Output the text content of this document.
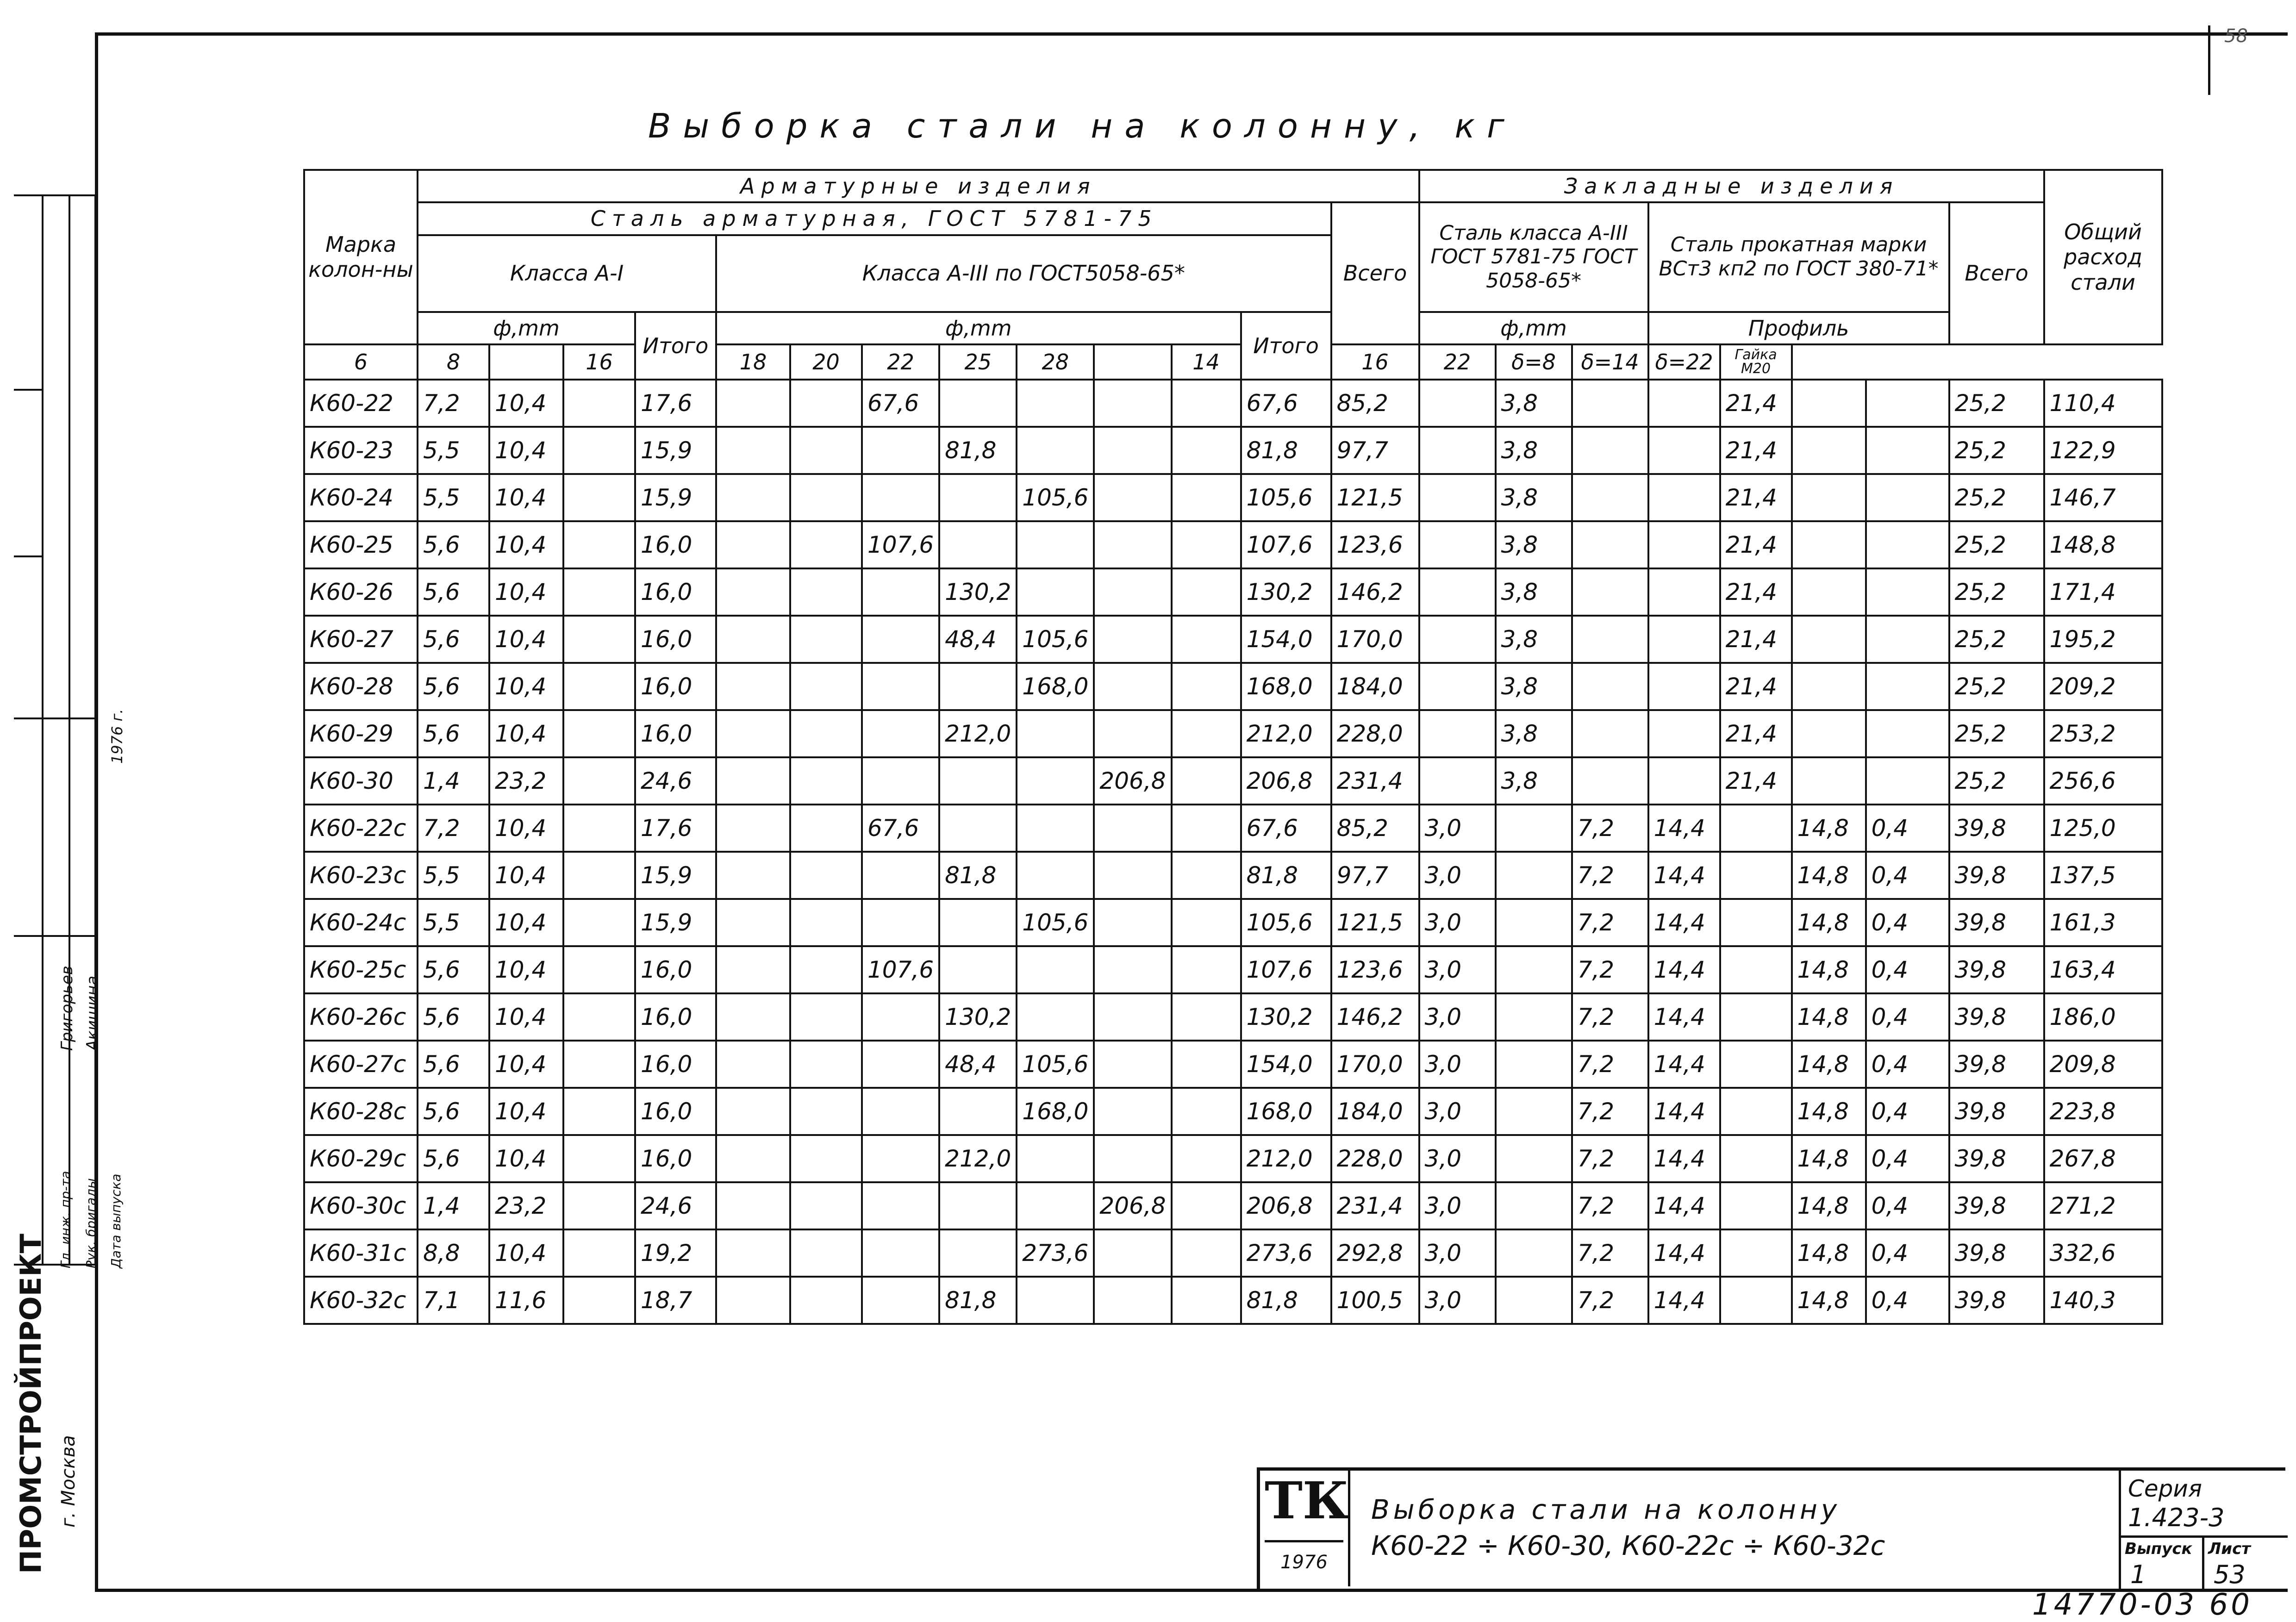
58
Выборка стали на колонну, кг
Марка колон-ны	Арматурные изделия													Закладные изделия								Общий расход стали
	Сталь арматурная, ГОСТ 5781-75												Всего	Сталь класса А-III ГОСТ 5781-75 ГОСТ 5058-65*			Сталь прокатная марки ВСт3 кп2 по ГОСТ 380-71*				Всего	
	Класса А-I				Класса А-III по ГОСТ5058-65*																	
	ф,mm			Итого	ф,mm							Итого		ф,mm			Профиль					
6	8		16		18	20	22	25	28		14		16	22	δ=8	δ=14	δ=22	Гайка М20				
К60-22	7,2	10,4		17,6			67,6					67,6	85,2		3,8			21,4			25,2	110,4
К60-23	5,5	10,4		15,9				81,8				81,8	97,7		3,8			21,4			25,2	122,9
К60-24	5,5	10,4		15,9					105,6			105,6	121,5		3,8			21,4			25,2	146,7
К60-25	5,6	10,4		16,0			107,6					107,6	123,6		3,8			21,4			25,2	148,8
К60-26	5,6	10,4		16,0				130,2				130,2	146,2		3,8			21,4			25,2	171,4
К60-27	5,6	10,4		16,0				48,4	105,6			154,0	170,0		3,8			21,4			25,2	195,2
К60-28	5,6	10,4		16,0					168,0			168,0	184,0		3,8			21,4			25,2	209,2
К60-29	5,6	10,4		16,0				212,0				212,0	228,0		3,8			21,4			25,2	253,2
К60-30	1,4	23,2		24,6						206,8		206,8	231,4		3,8			21,4			25,2	256,6
К60-22с	7,2	10,4		17,6			67,6					67,6	85,2	3,0		7,2	14,4		14,8	0,4	39,8	125,0
К60-23с	5,5	10,4		15,9				81,8				81,8	97,7	3,0		7,2	14,4		14,8	0,4	39,8	137,5
К60-24с	5,5	10,4		15,9					105,6			105,6	121,5	3,0		7,2	14,4		14,8	0,4	39,8	161,3
К60-25с	5,6	10,4		16,0			107,6					107,6	123,6	3,0		7,2	14,4		14,8	0,4	39,8	163,4
К60-26с	5,6	10,4		16,0				130,2				130,2	146,2	3,0		7,2	14,4		14,8	0,4	39,8	186,0
К60-27с	5,6	10,4		16,0				48,4	105,6			154,0	170,0	3,0		7,2	14,4		14,8	0,4	39,8	209,8
К60-28с	5,6	10,4		16,0					168,0			168,0	184,0	3,0		7,2	14,4		14,8	0,4	39,8	223,8
К60-29с	5,6	10,4		16,0				212,0				212,0	228,0	3,0		7,2	14,4		14,8	0,4	39,8	267,8
К60-30с	1,4	23,2		24,6						206,8		206,8	231,4	3,0		7,2	14,4		14,8	0,4	39,8	271,2
К60-31с	8,8	10,4		19,2					273,6			273,6	292,8	3,0		7,2	14,4		14,8	0,4	39,8	332,6
К60-32с	7,1	11,6		18,7				81,8				81,8	100,5	3,0		7,2	14,4		14,8	0,4	39,8	140,3
Гл. инж. пр-та Рук. бригады Дата выпуска
Григорьев Акишина
1976 г.
ПРОМСТРОЙПРОЕКТ г. Москва	ТК
1976
Выборка стали на колонну
К60-22 ÷ К60-30, К60-22с ÷ К60-32с
Серия
1.423-3
Выпуск
1
Лист
53
14770-03 60
